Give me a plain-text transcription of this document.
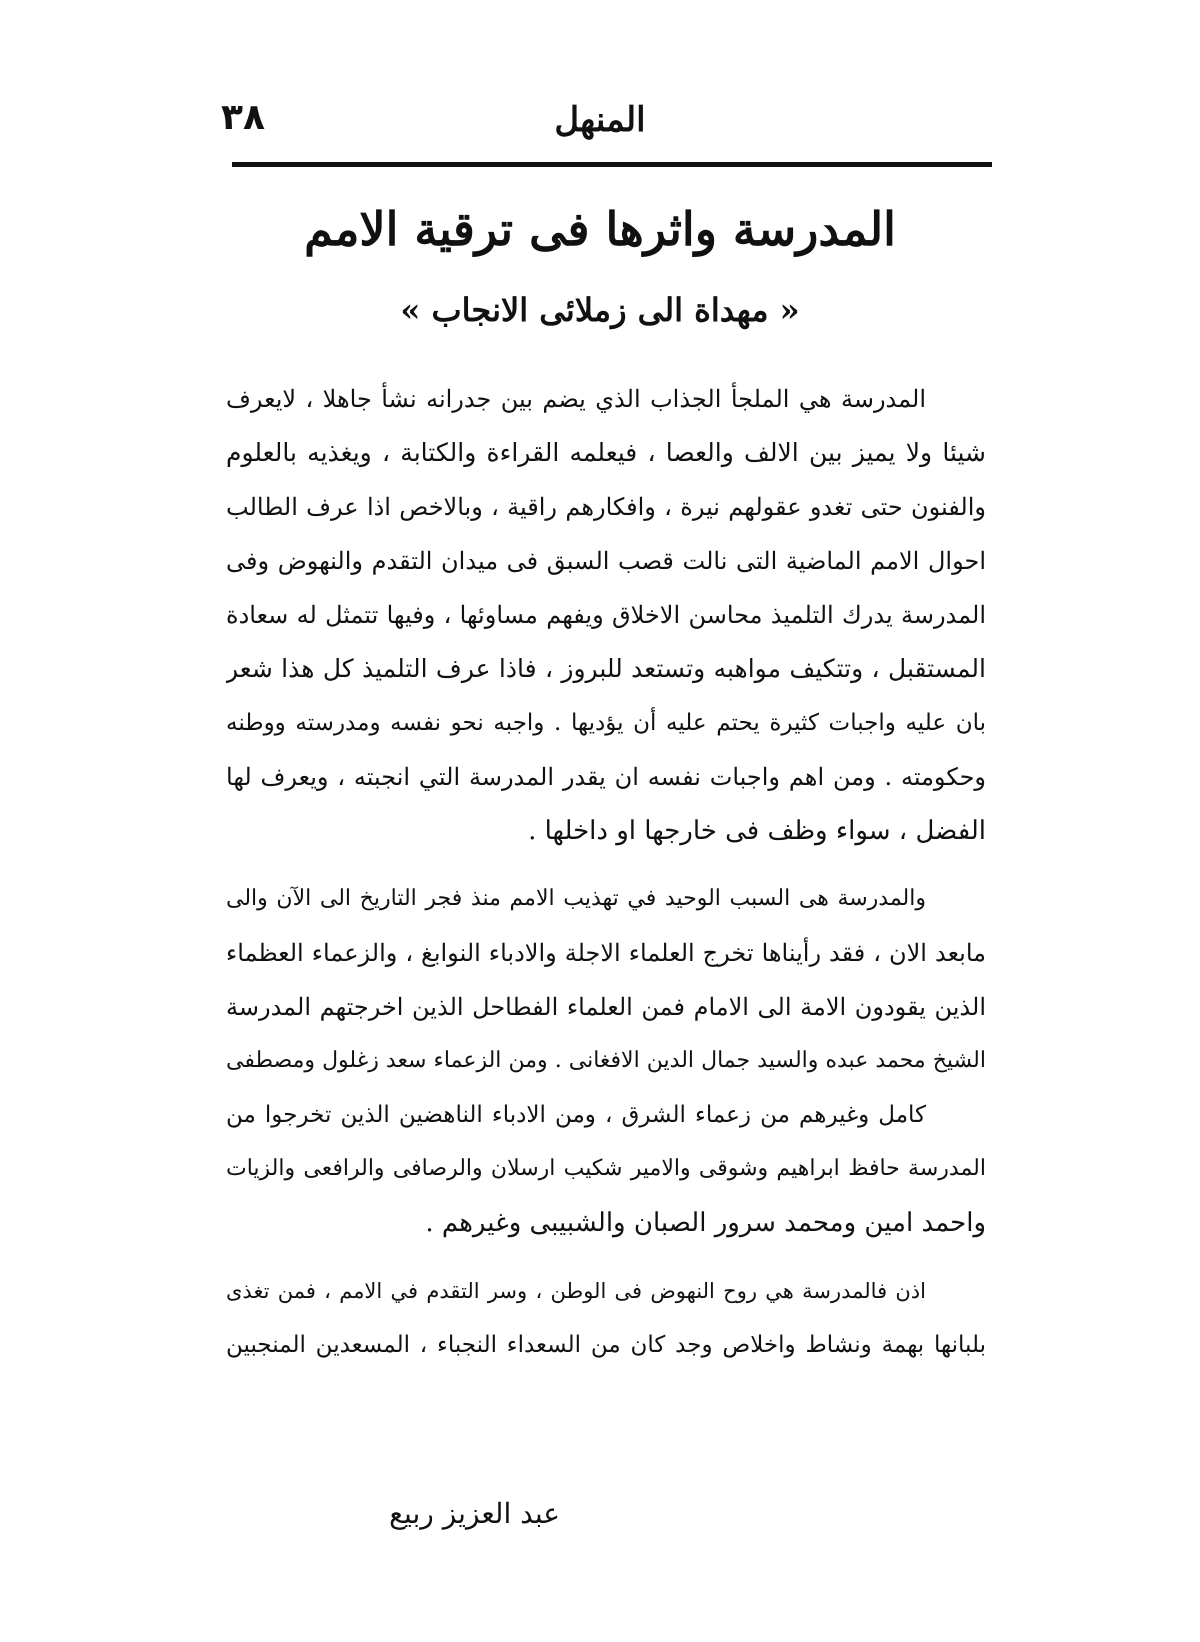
٣٨	المنهل
المدرسة واثرها فى ترقية الامم
« مهداة الى زملائى الانجاب »
المدرسة هي الملجأ الجذاب الذي يضم بين جدرانه نشأ جاهلا ، لايعرف
شيئا ولا يميز بين الالف والعصا ، فيعلمه القراءة والكتابة ، ويغذيه بالعلوم
والفنون حتى تغدو عقولهم نيرة ، وافكارهم راقية ، وبالاخص اذا عرف الطالب
احوال الامم الماضية التى نالت قصب السبق فى ميدان التقدم والنهوض وفى
المدرسة يدرك التلميذ محاسن الاخلاق ويفهم مساوئها ، وفيها تتمثل له سعادة
المستقبل ، وتتكيف مواهبه وتستعد للبروز ، فاذا عرف التلميذ كل هذا شعر
بان عليه واجبات كثيرة يحتم عليه أن يؤديها . واجبه نحو نفسه ومدرسته ووطنه
وحكومته . ومن اهم واجبات نفسه ان يقدر المدرسة التي انجبته ، ويعرف لها
الفضل ، سواء وظف فى خارجها او داخلها .
والمدرسة هى السبب الوحيد في تهذيب الامم منذ فجر التاريخ الى الآن والى
مابعد الان ، فقد رأيناها تخرج العلماء الاجلة والادباء النوابغ ، والزعماء العظماء
الذين يقودون الامة الى الامام فمن العلماء الفطاحل الذين اخرجتهم المدرسة
الشيخ محمد عبده والسيد جمال الدين الافغانى . ومن الزعماء سعد زغلول ومصطفى
كامل وغيرهم من زعماء الشرق ، ومن الادباء الناهضين الذين تخرجوا من
المدرسة حافظ ابراهيم وشوقى والامير شكيب ارسلان والرصافى والرافعى والزيات
واحمد امين ومحمد سرور الصبان والشبيبى وغيرهم .
اذن فالمدرسة هي روح النهوض فى الوطن ، وسر التقدم في الامم ، فمن تغذى
بلبانها بهمة ونشاط واخلاص وجد كان من السعداء النجباء ، المسعدين المنجبين
عبد العزيز ربيع
